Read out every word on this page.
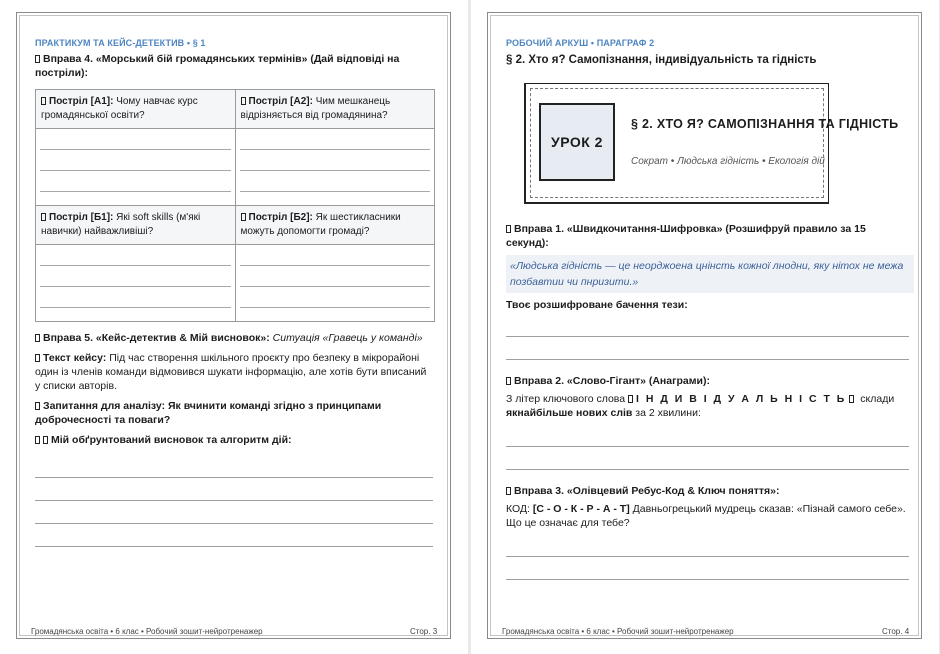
ПРАКТИКУМ ТА КЕЙС-ДЕТЕКТИВ • § 1
Вправа 4. «Морський бій громадянських термінів» (Дай відповіді на постріли):
Постріл [А1]: Чому навчає курс громадянської освіти?	Постріл [А2]: Чим мешканець відрізняється від громадянина?

Постріл [Б1]: Які soft skills (м'які навички) найважливіші?	Постріл [Б2]: Як шестикласники можуть допомогти громаді?

Вправа 5. «Кейс-детектив & Мій висновок»: Ситуація «Гравець у команді»
Текст кейсу: Під час створення шкільного проєкту про безпеку в мікрорайоні один із членів команди відмовився шукати інформацію, але хотів бути вписаний у списки авторів.
Запитання для аналізу: Як вчинити команді згідно з принципами доброчесності та поваги?
Мій обґрунтований висновок та алгоритм дій:
Громадянська освіта • 6 клас • Робочий зошит-нейротренажер	Стор. 3
РОБОЧИЙ АРКУШ • ПАРАГРАФ 2
§ 2. Хто я? Самопізнання, індивідуальність та гідність
УРОК 2
§ 2. ХТО Я? САМОПІЗНАННЯ ТА ГІДНІСТЬ
Сократ • Людська гідність • Екологія дій
Вправа 1. «Швидкочитання-Шифровка» (Розшифруй правило за 15 секунд):
«Людська гідність — це неорджоена цнінсть кожної лнодни, яку нітох не межа позбавтии чи пнризити.»
Твоє розшифроване бачення тези:
Вправа 2. «Слово-Гігант» (Анаграми):
З літер ключового слова І Н Д И В І Д У А Л Ь Н І С Т Ь склади якнайбільше нових слів за 2 хвилини:
Вправа 3. «Олівцевий Ребус-Код & Ключ поняття»:
КОД: [С - О - К - Р - А - Т] Давньогрецький мудрець сказав: «Пізнай самого себе». Що це означає для тебе?
Громадянська освіта • 6 клас • Робочий зошит-нейротренажер	Стор. 4
